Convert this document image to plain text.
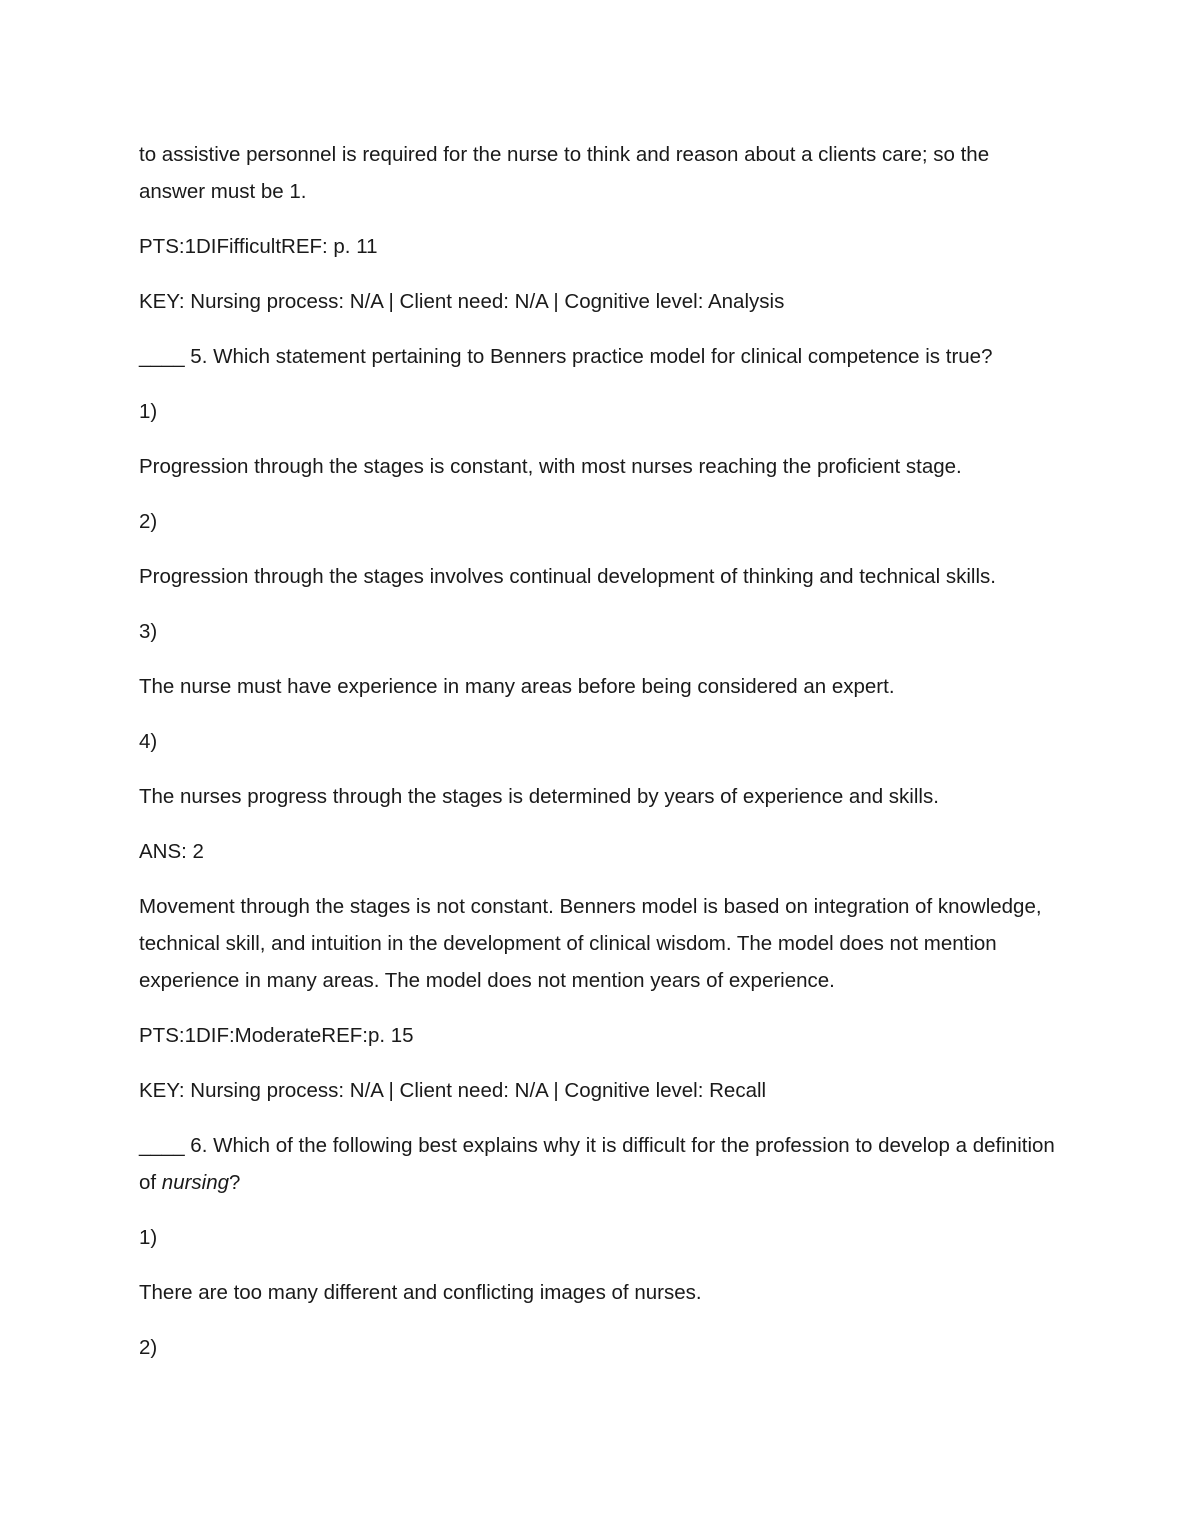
to assistive personnel is required for the nurse to think and reason about a clients care; so the answer must be 1.

PTS:1DIFifficultREF: p. 11

KEY: Nursing process: N/A | Client need: N/A | Cognitive level: Analysis

____ 5. Which statement pertaining to Benners practice model for clinical competence is true?

1)

Progression through the stages is constant, with most nurses reaching the proficient stage.

2)

Progression through the stages involves continual development of thinking and technical skills.

3)

The nurse must have experience in many areas before being considered an expert.

4)

The nurses progress through the stages is determined by years of experience and skills.

ANS: 2

Movement through the stages is not constant. Benners model is based on integration of knowledge, technical skill, and intuition in the development of clinical wisdom. The model does not mention experience in many areas. The model does not mention years of experience.

PTS:1DIF:ModerateREF:p. 15

KEY: Nursing process: N/A | Client need: N/A | Cognitive level: Recall

____ 6. Which of the following best explains why it is difficult for the profession to develop a definition of nursing?

1)

There are too many different and conflicting images of nurses.

2)
